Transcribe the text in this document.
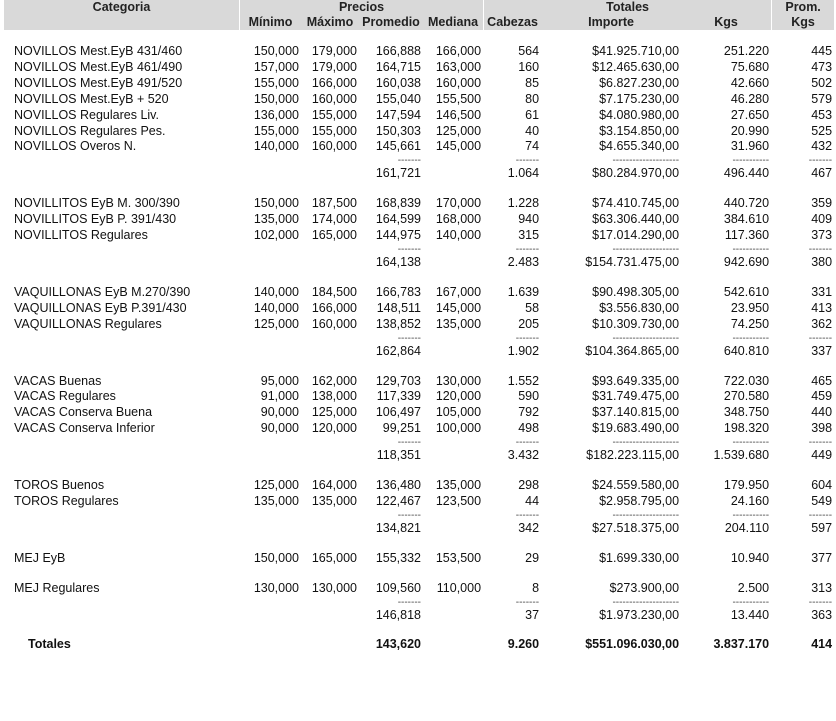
Categoria	Precios				Totales			Prom.
	Mínimo	Máximo	Promedio	Mediana	Cabezas	Importe	Kgs	Kgs

NOVILLOS Mest.EyB 431/460	150,000	179,000	166,888	166,000	564	$41.925.710,00	251.220	445
NOVILLOS Mest.EyB 461/490	157,000	179,000	164,715	163,000	160	$12.465.630,00	75.680	473
NOVILLOS Mest.EyB 491/520	155,000	166,000	160,038	160,000	85	$6.827.230,00	42.660	502
NOVILLOS Mest.EyB + 520	150,000	160,000	155,040	155,500	80	$7.175.230,00	46.280	579
NOVILLOS Regulares Liv.	136,000	155,000	147,594	146,500	61	$4.080.980,00	27.650	453
NOVILLOS Regulares Pes.	155,000	155,000	150,303	125,000	40	$3.154.850,00	20.990	525
NOVILLOS Overos N.	140,000	160,000	145,661	145,000	74	$4.655.340,00	31.960	432
			-------		-------	--------------------	-----------	-------
			161,721		1.064	$80.284.970,00	496.440	467

NOVILLITOS EyB M. 300/390	150,000	187,500	168,839	170,000	1.228	$74.410.745,00	440.720	359
NOVILLITOS EyB P. 391/430	135,000	174,000	164,599	168,000	940	$63.306.440,00	384.610	409
NOVILLITOS Regulares	102,000	165,000	144,975	140,000	315	$17.014.290,00	117.360	373
			-------		-------	--------------------	-----------	-------
			164,138		2.483	$154.731.475,00	942.690	380

VAQUILLONAS EyB M.270/390	140,000	184,500	166,783	167,000	1.639	$90.498.305,00	542.610	331
VAQUILLONAS EyB P.391/430	140,000	166,000	148,511	145,000	58	$3.556.830,00	23.950	413
VAQUILLONAS Regulares	125,000	160,000	138,852	135,000	205	$10.309.730,00	74.250	362
			-------		-------	--------------------	-----------	-------
			162,864		1.902	$104.364.865,00	640.810	337

VACAS Buenas	95,000	162,000	129,703	130,000	1.552	$93.649.335,00	722.030	465
VACAS Regulares	91,000	138,000	117,339	120,000	590	$31.749.475,00	270.580	459
VACAS Conserva Buena	90,000	125,000	106,497	105,000	792	$37.140.815,00	348.750	440
VACAS Conserva Inferior	90,000	120,000	99,251	100,000	498	$19.683.490,00	198.320	398
			-------		-------	--------------------	-----------	-------
			118,351		3.432	$182.223.115,00	1.539.680	449

TOROS Buenos	125,000	164,000	136,480	135,000	298	$24.559.580,00	179.950	604
TOROS Regulares	135,000	135,000	122,467	123,500	44	$2.958.795,00	24.160	549
			-------		-------	--------------------	-----------	-------
			134,821		342	$27.518.375,00	204.110	597

MEJ EyB	150,000	165,000	155,332	153,500	29	$1.699.330,00	10.940	377

MEJ Regulares	130,000	130,000	109,560	110,000	8	$273.900,00	2.500	313
			-------		-------	--------------------	-----------	-------
			146,818		37	$1.973.230,00	13.440	363

Totales			143,620		9.260	$551.096.030,00	3.837.170	414
